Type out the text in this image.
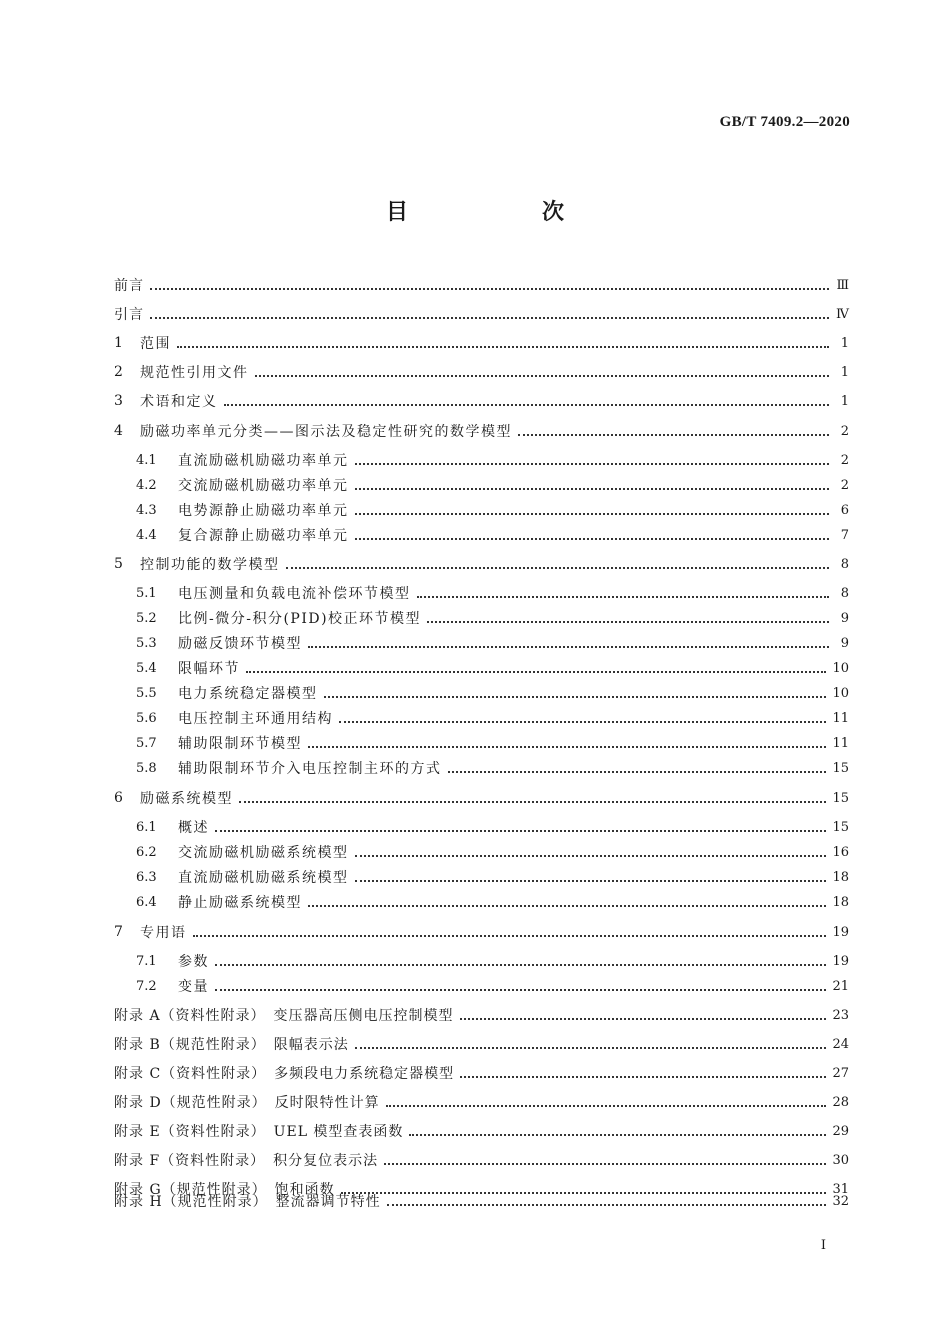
GB/T 7409.2—2020
目　次
前言	Ⅲ
引言	Ⅳ
1	范围	1
2	规范性引用文件	1
3	术语和定义	1
4	励磁功率单元分类——图示法及稳定性研究的数学模型	2
4.1	直流励磁机励磁功率单元	2
4.2	交流励磁机励磁功率单元	2
4.3	电势源静止励磁功率单元	6
4.4	复合源静止励磁功率单元	7
5	控制功能的数学模型	8
5.1	电压测量和负载电流补偿环节模型	8
5.2	比例-微分-积分(PID)校正环节模型	9
5.3	励磁反馈环节模型	9
5.4	限幅环节	10
5.5	电力系统稳定器模型	10
5.6	电压控制主环通用结构	11
5.7	辅助限制环节模型	11
5.8	辅助限制环节介入电压控制主环的方式	15
6	励磁系统模型	15
6.1	概述	15
6.2	交流励磁机励磁系统模型	16
6.3	直流励磁机励磁系统模型	18
6.4	静止励磁系统模型	18
7	专用语	19
7.1	参数	19
7.2	变量	21
附录 A（资料性附录）　变压器高压侧电压控制模型	23
附录 B（规范性附录）　限幅表示法	24
附录 C（资料性附录）　多频段电力系统稳定器模型	27
附录 D（规范性附录）　反时限特性计算	28
附录 E（资料性附录）　UEL 模型查表函数	29
附录 F（资料性附录）　积分复位表示法	30
附录 G（规范性附录）　饱和函数	31
附录 H（规范性附录）　整流器调节特性	32
Ⅰ
